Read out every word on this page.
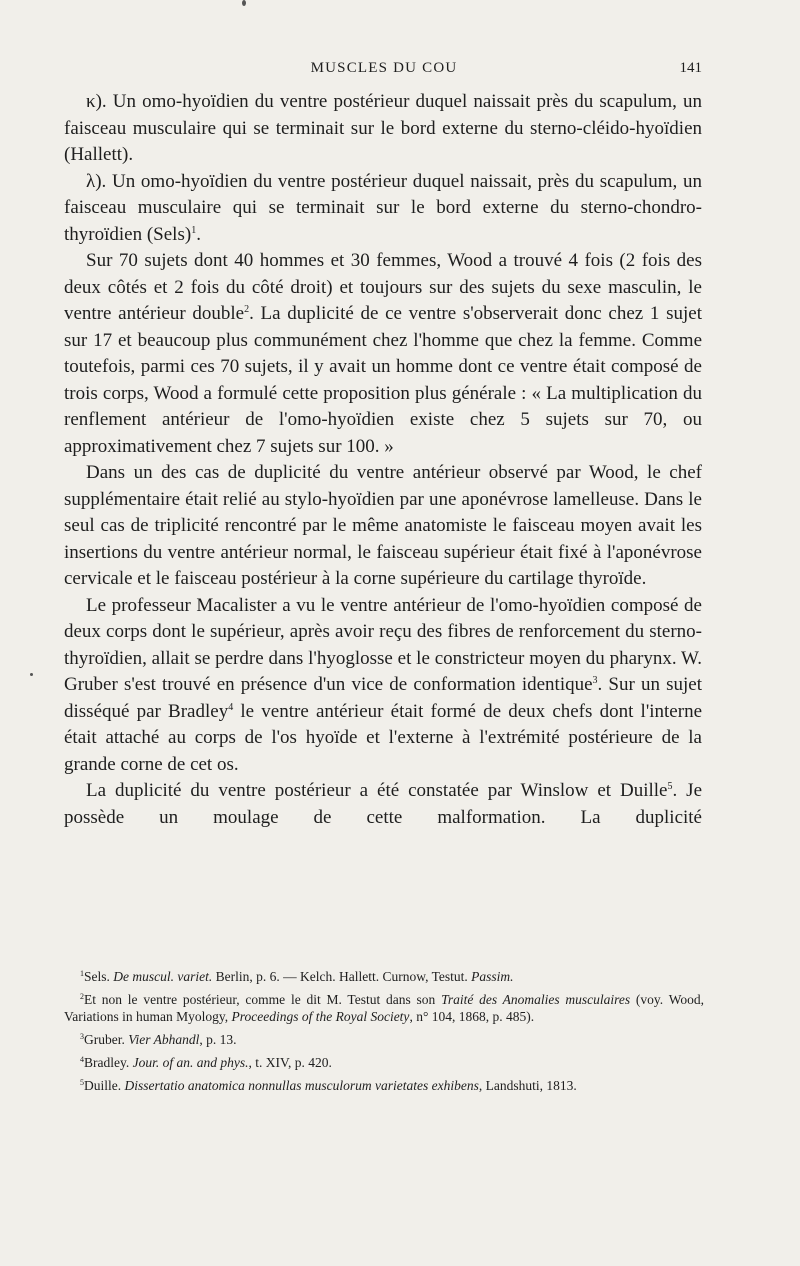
MUSCLES DU COU	141

κ). Un omo-hyoïdien du ventre postérieur duquel naissait près du scapulum, un faisceau musculaire qui se terminait sur le bord externe du sterno-cléido-hyoïdien (Hallett).

λ). Un omo-hyoïdien du ventre postérieur duquel naissait, près du scapulum, un faisceau musculaire qui se terminait sur le bord externe du sterno-chondro-thyroïdien (Sels)$^1$.

Sur 70 sujets dont 40 hommes et 30 femmes, Wood a trouvé 4 fois (2 fois des deux côtés et 2 fois du côté droit) et toujours sur des sujets du sexe masculin, le ventre antérieur double$^2$. La duplicité de ce ventre s'observerait donc chez 1 sujet sur 17 et beaucoup plus communément chez l'homme que chez la femme. Comme toutefois, parmi ces 70 sujets, il y avait un homme dont ce ventre était composé de trois corps, Wood a formulé cette proposition plus générale : « La multiplication du renflement antérieur de l'omo-hyoïdien existe chez 5 sujets sur 70, ou approximativement chez 7 sujets sur 100. »

Dans un des cas de duplicité du ventre antérieur observé par Wood, le chef supplémentaire était relié au stylo-hyoïdien par une aponévrose lamelleuse. Dans le seul cas de triplicité rencontré par le même anatomiste le faisceau moyen avait les insertions du ventre antérieur normal, le faisceau supérieur était fixé à l'aponévrose cervicale et le faisceau postérieur à la corne supérieure du cartilage thyroïde.

Le professeur Macalister a vu le ventre antérieur de l'omo-hyoïdien composé de deux corps dont le supérieur, après avoir reçu des fibres de renforcement du sterno-thyroïdien, allait se perdre dans l'hyoglosse et le constricteur moyen du pharynx. W. Gruber s'est trouvé en présence d'un vice de conformation identique$^3$. Sur un sujet disséqué par Bradley$^4$ le ventre antérieur était formé de deux chefs dont l'interne était attaché au corps de l'os hyoïde et l'externe à l'extrémité postérieure de la grande corne de cet os.

La duplicité du ventre postérieur a été constatée par Winslow et Duille$^5$. Je possède un moulage de cette malformation. La duplicité

$^1$Sels. De muscul. variet. Berlin, p. 6. — Kelch. Hallett. Curnow, Testut. Passim.

$^2$Et non le ventre postérieur, comme le dit M. Testut dans son Traité des Anomalies musculaires (voy. Wood, Variations in human Myology, Proceedings of the Royal Society, n° 104, 1868, p. 485).

$^3$Gruber. Vier Abhandl, p. 13.

$^4$Bradley. Jour. of an. and phys., t. XIV, p. 420.

$^5$Duille. Dissertatio anatomica nonnullas musculorum varietates exhibens, Landshuti, 1813.
